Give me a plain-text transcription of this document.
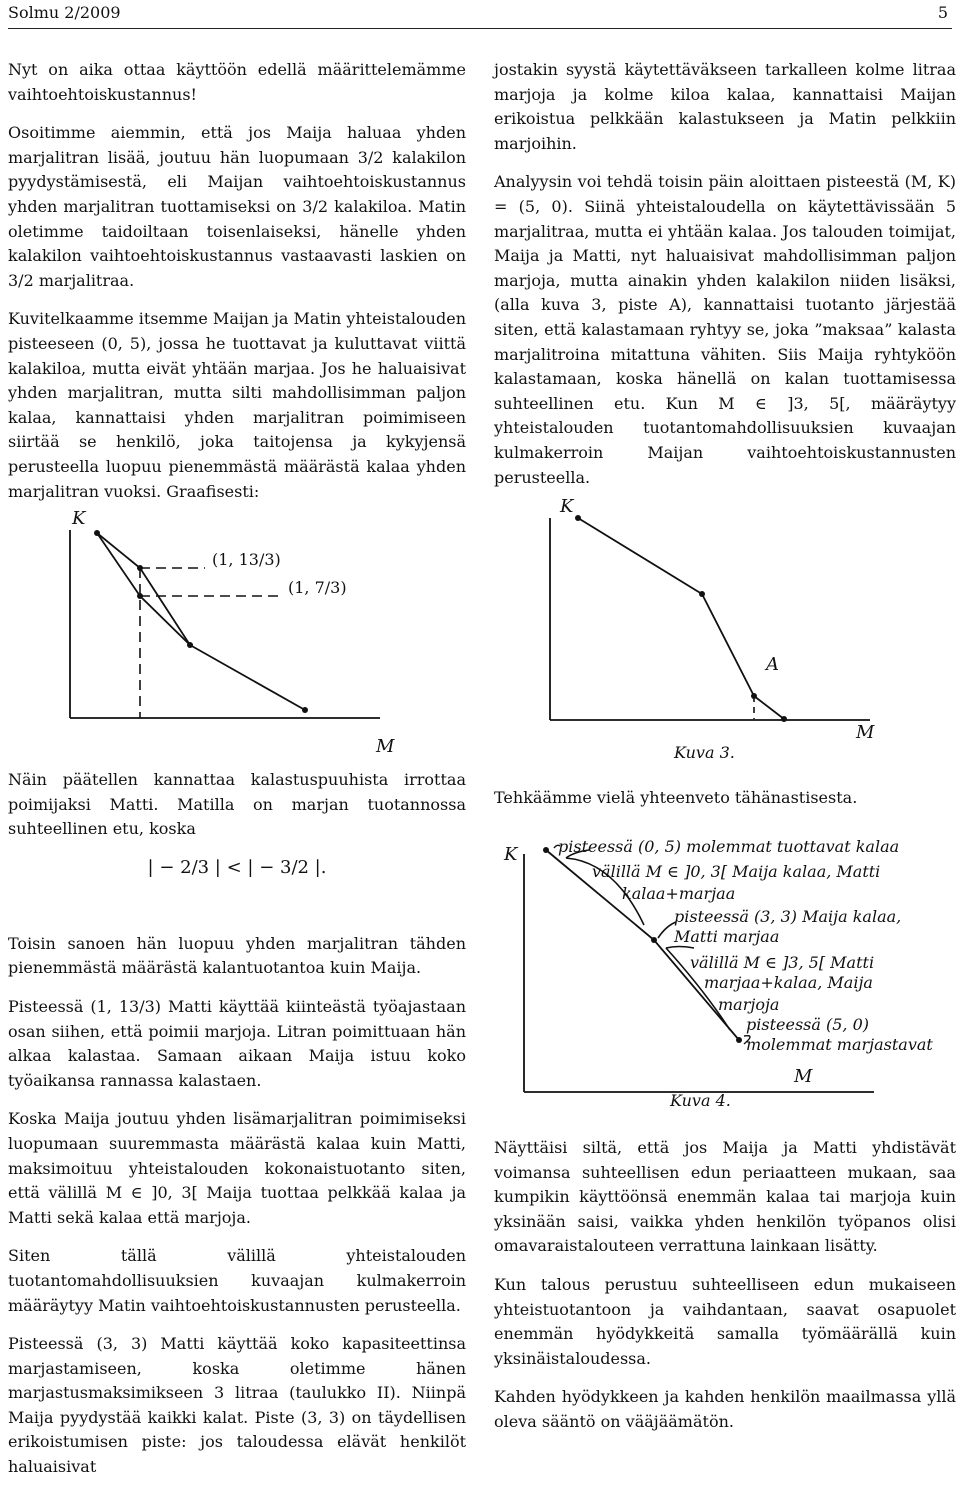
Solmu 2/2009	5

Nyt on aika ottaa käyttöön edellä määrittelemämme vaihtoehtoiskustannus!

Osoitimme aiemmin, että jos Maija haluaa yhden marjalitran lisää, joutuu hän luopumaan 3/2 kalakilon pyydystämisestä, eli Maijan vaihtoehtoiskustannus yhden marjalitran tuottamiseksi on 3/2 kalakiloa. Matin oletimme taidoiltaan toisenlaiseksi, hänelle yhden kalakilon vaihtoehtoiskustannus vastaavasti laskien on 3/2 marjalitraa.

Kuvitelkaamme itsemme Maijan ja Matin yhteistalouden pisteeseen (0, 5), jossa he tuottavat ja kuluttavat viittä kalakiloa, mutta eivät yhtään marjaa. Jos he haluaisivat yhden marjalitran, mutta silti mahdollisimman paljon kalaa, kannattaisi yhden marjalitran poimimiseen siirtää se henkilö, joka taitojensa ja kykyjensä perusteella luopuu pienemmästä määrästä kalaa yhden marjalitran vuoksi. Graafisesti:

K
M
(1, 13/3)
(1, 7/3)

Näin päätellen kannattaa kalastuspuuhista irrottaa poimijaksi Matti. Matilla on marjan tuotannossa suhteellinen etu, koska

| − 2/3 | < | − 3/2 |.

Toisin sanoen hän luopuu yhden marjalitran tähden pienemmästä määrästä kalantuotantoa kuin Maija.

Pisteessä (1, 13/3) Matti käyttää kiinteästä työajastaan osan siihen, että poimii marjoja. Litran poimittuaan hän alkaa kalastaa. Samaan aikaan Maija istuu koko työaikansa rannassa kalastaen.

Koska Maija joutuu yhden lisämarjalitran poimimiseksi luopumaan suuremmasta määrästä kalaa kuin Matti, maksimoituu yhteistalouden kokonaistuotanto siten, että välillä M ∈ ]0, 3[ Maija tuottaa pelkkää kalaa ja Matti sekä kalaa että marjoja.

Siten tällä välillä yhteistalouden tuotantomahdollisuuksien kuvaajan kulmakerroin määräytyy Matin vaihtoehtoiskustannusten perusteella.

Pisteessä (3, 3) Matti käyttää koko kapasiteettinsa marjastamiseen, koska oletimme hänen marjastusmaksimikseen 3 litraa (taulukko II). Niinpä Maija pyydystää kaikki kalat. Piste (3, 3) on täydellisen erikoistumisen piste: jos taloudessa elävät henkilöt haluaisivat

jostakin syystä käytettäväkseen tarkalleen kolme litraa marjoja ja kolme kiloa kalaa, kannattaisi Maijan erikoistua pelkkään kalastukseen ja Matin pelkkiin marjoihin.

Analyysin voi tehdä toisin päin aloittaen pisteestä (M, K) = (5, 0). Siinä yhteistaloudella on käytettävissään 5 marjalitraa, mutta ei yhtään kalaa. Jos talouden toimijat, Maija ja Matti, nyt haluaisivat mahdollisimman paljon marjoja, mutta ainakin yhden kalakilon niiden lisäksi, (alla kuva 3, piste A), kannattaisi tuotanto järjestää siten, että kalastamaan ryhtyy se, joka ”maksaa” kalasta marjalitroina mitattuna vähiten. Siis Maija ryhtyköön kalastamaan, koska hänellä on kalan tuottamisessa suhteellinen etu. Kun M ∈ ]3, 5[, määräytyy yhteistalouden tuotantomahdollisuuksien kuvaajan kulmakerroin Maijan vaihtoehtoiskustannusten perusteella.

K
M
A
Kuva 3.

Tehkäämme vielä yhteenveto tähänastisesta.

K
M
pisteessä (0, 5) molemmat tuottavat kalaa
välillä M ∈ ]0, 3[ Maija kalaa, Matti
kalaa+marjaa
pisteessä (3, 3) Maija kalaa,
Matti marjaa
välillä M ∈ ]3, 5[ Matti
marjaa+kalaa, Maija
marjoja
pisteessä (5, 0)
molemmat marjastavat
Kuva 4.

Näyttäisi siltä, että jos Maija ja Matti yhdistävät voimansa suhteellisen edun periaatteen mukaan, saa kumpikin käyttöönsä enemmän kalaa tai marjoja kuin yksinään saisi, vaikka yhden henkilön työpanos olisi omavaraistalouteen verrattuna lainkaan lisätty.

Kun talous perustuu suhteelliseen edun mukaiseen yhteistuotantoon ja vaihdantaan, saavat osapuolet enemmän hyödykkeitä samalla työmäärällä kuin yksinäistaloudessa.

Kahden hyödykkeen ja kahden henkilön maailmassa yllä oleva sääntö on vääjäämätön.
